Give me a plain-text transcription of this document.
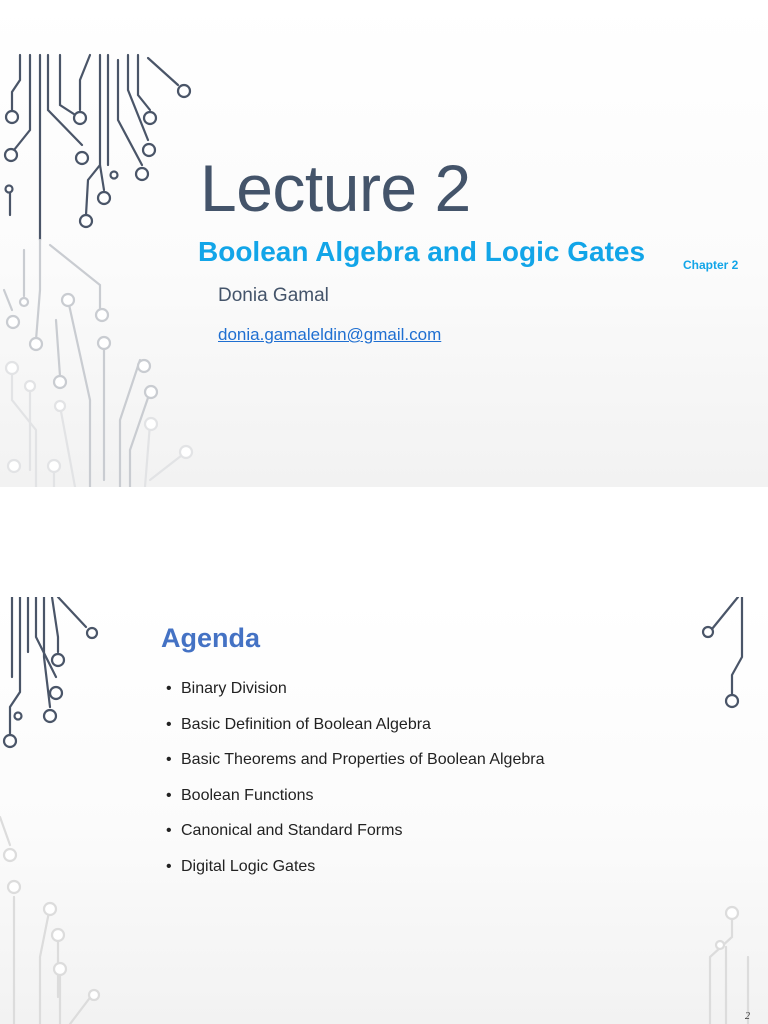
Lecture 2
Boolean Algebra and Logic Gates	Chapter 2
Donia Gamal
donia.gamaleldin@gmail.com
Agenda
• Binary Division
• Basic Definition of Boolean Algebra
• Basic Theorems and Properties of Boolean Algebra
• Boolean Functions
• Canonical and Standard Forms
• Digital Logic Gates
2
